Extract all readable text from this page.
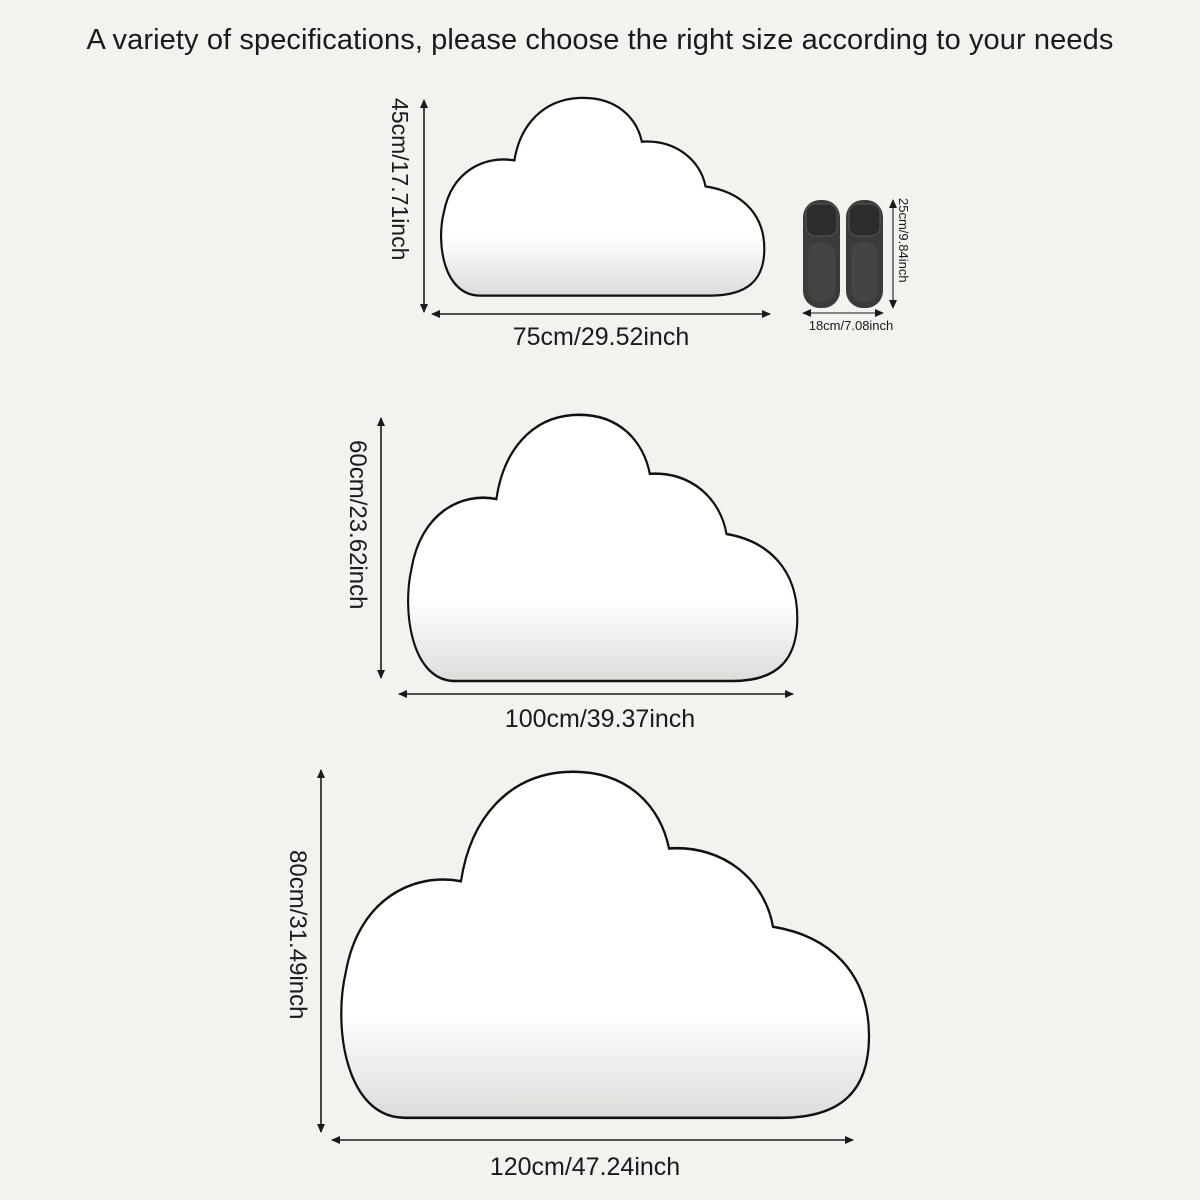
A variety of specifications, please choose the right size according to your needs
45cm/17.71inch
75cm/29.52inch
25cm/9.84inch
18cm/7.08inch
60cm/23.62inch
100cm/39.37inch
80cm/31.49inch
120cm/47.24inch
